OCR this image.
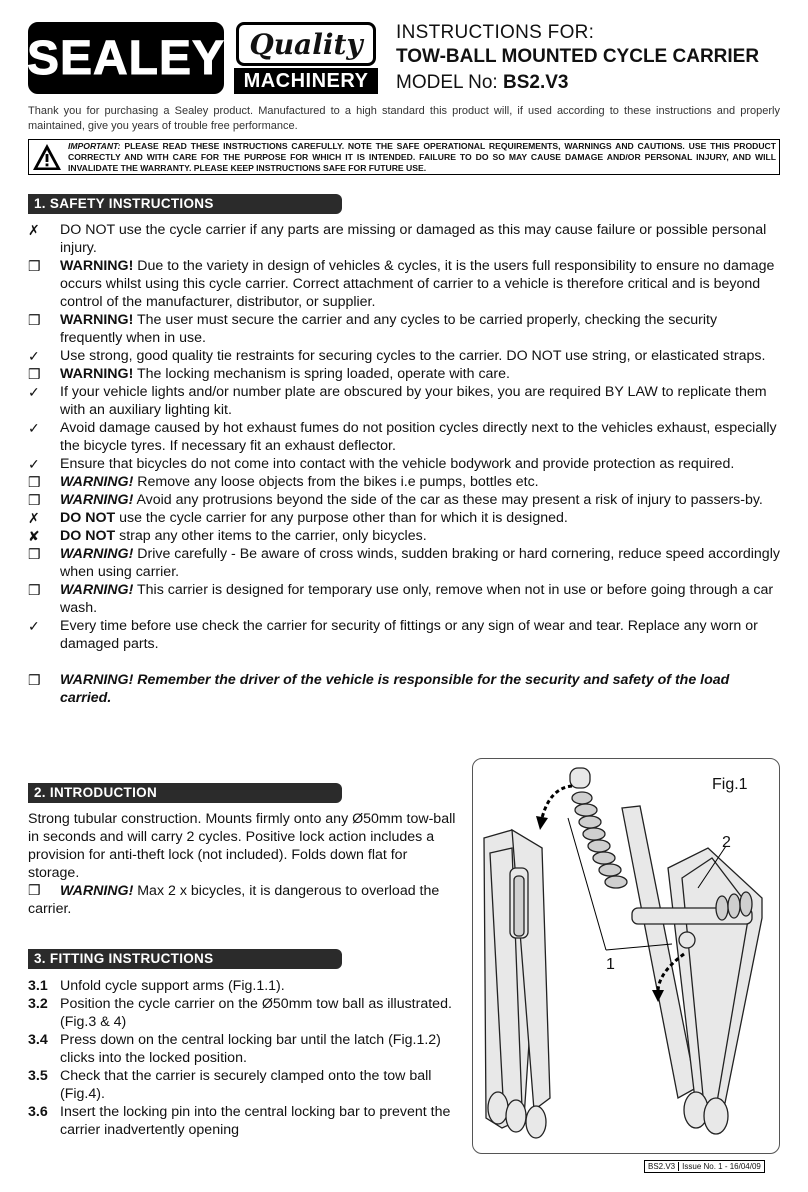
SEALEY Quality
MACHINERY
INSTRUCTIONS FOR:
TOW-BALL MOUNTED CYCLE CARRIER
MODEL No: BS2.V3
Thank you for purchasing a Sealey product. Manufactured to a high standard this product will, if used according to these instructions and properly maintained, give you years of trouble free performance.
IMPORTANT: PLEASE READ THESE INSTRUCTIONS CAREFULLY. NOTE THE SAFE OPERATIONAL REQUIREMENTS, WARNINGS AND CAUTIONS. USE THIS PRODUCT CORRECTLY AND WITH CARE FOR THE PURPOSE FOR WHICH IT IS INTENDED. FAILURE TO DO SO MAY CAUSE DAMAGE AND/OR PERSONAL INJURY, AND WILL INVALIDATE THE WARRANTY. PLEASE KEEP INSTRUCTIONS SAFE FOR FUTURE USE.
1. SAFETY INSTRUCTIONS
✗	DO NOT use the cycle carrier if any parts are missing or damaged as this may cause failure or possible personal injury.
❒	WARNING! Due to the variety in design of vehicles & cycles, it is the users full responsibility to ensure no damage occurs whilst using this cycle carrier. Correct attachment of carrier to a vehicle is therefore critical and is beyond control of the manufacturer, distributor, or supplier.
❒	WARNING! The user must secure the carrier and any cycles to be carried properly, checking the security frequently when in use.
✓	Use strong, good quality tie restraints for securing cycles to the carrier. DO NOT use string, or elasticated straps.
❒	WARNING! The locking mechanism is spring loaded, operate with care.
✓	If your vehicle lights and/or number plate are obscured by your bikes, you are required BY LAW to replicate them with an auxiliary lighting kit.
✓	Avoid damage caused by hot exhaust fumes do not position cycles directly next to the vehicles exhaust, especially the bicycle tyres. If necessary fit an exhaust deflector.
✓	Ensure that bicycles do not come into contact with the vehicle bodywork and provide protection as required.
❒	WARNING! Remove any loose objects from the bikes i.e pumps, bottles etc.
❒	WARNING! Avoid any protrusions beyond the side of the car as these may present a risk of injury to passers-by.
✗	DO NOT use the cycle carrier for any purpose other than for which it is designed.
✘	DO NOT strap any other items to the carrier, only bicycles.
❒	WARNING! Drive carefully - Be aware of cross winds, sudden braking or hard cornering, reduce speed accordingly when using carrier.
❒	WARNING! This carrier is designed for temporary use only, remove when not in use or before going through a car wash.
✓	Every time before use check the carrier for security of fittings or any sign of wear and tear. Replace any worn or damaged parts.
❒	WARNING! Remember the driver of the vehicle is responsible for the security and safety of the load carried.
2. INTRODUCTION
Strong tubular construction. Mounts firmly onto any Ø50mm tow-ball in seconds and will carry 2 cycles. Positive lock action includes a provision for anti-theft lock (not included). Folds down flat for storage.
❒ WARNING! Max 2 x bicycles, it is dangerous to overload the carrier.
3. FITTING INSTRUCTIONS
3.1 Unfold cycle support arms (Fig.1.1).
3.2 Position the cycle carrier on the Ø50mm tow ball as illustrated. (Fig.3 & 4)
3.4 Press down on the central locking bar until the latch (Fig.1.2) clicks into the locked position.
3.5 Check that the carrier is securely clamped onto the tow ball (Fig.4).
3.6 Insert the locking pin into the central locking bar to prevent the carrier inadvertently opening
Fig.1
2
1
BS2.V3 Issue No. 1 - 16/04/09
